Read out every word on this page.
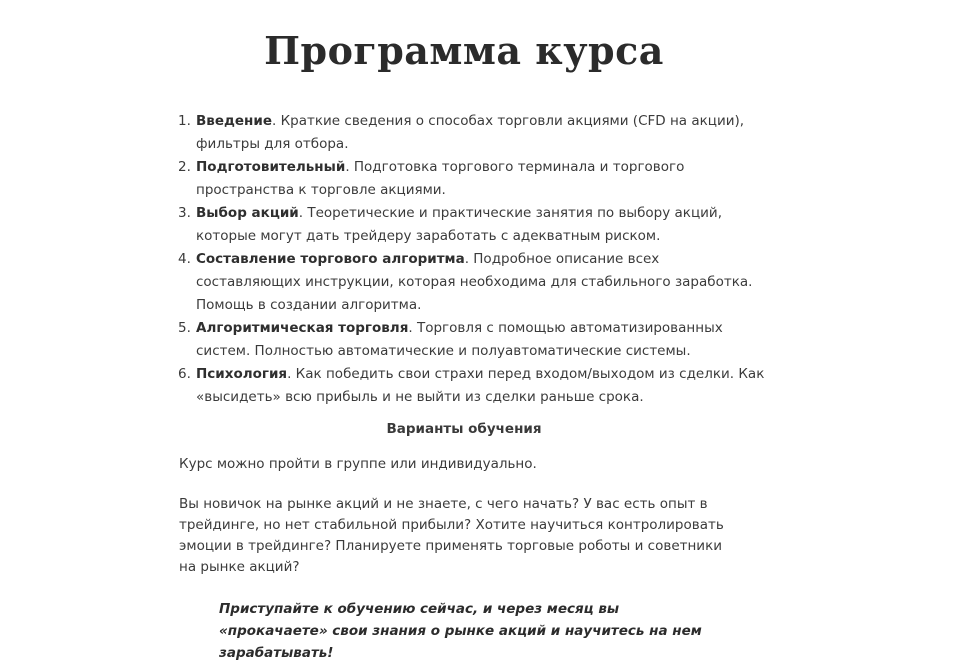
Программа курса
1. Введение. Краткие сведения о способах торговли акциями (CFD на акции), фильтры для отбора.
2. Подготовительный. Подготовка торгового терминала и торгового пространства к торговле акциями.
3. Выбор акций. Теоретические и практические занятия по выбору акций, которые могут дать трейдеру заработать с адекватным риском.
4. Составление торгового алгоритма. Подробное описание всех составляющих инструкции, которая необходима для стабильного заработка. Помощь в создании алгоритма.
5. Алгоритмическая торговля. Торговля с помощью автоматизированных систем. Полностью автоматические и полуавтоматические системы.
6. Психология. Как победить свои страхи перед входом/выходом из сделки. Как «высидеть» всю прибыль и не выйти из сделки раньше срока.
Варианты обучения

Курс можно пройти в группе или индивидуально.

Вы новичок на рынке акций и не знаете, с чего начать? У вас есть опыт в трейдинге, но нет стабильной прибыли? Хотите научиться контролировать эмоции в трейдинге? Планируете применять торговые роботы и советники на рынке акций?

Приступайте к обучению сейчас, и через месяц вы «прокачаете» свои знания о рынке акций и научитесь на нем зарабатывать!
